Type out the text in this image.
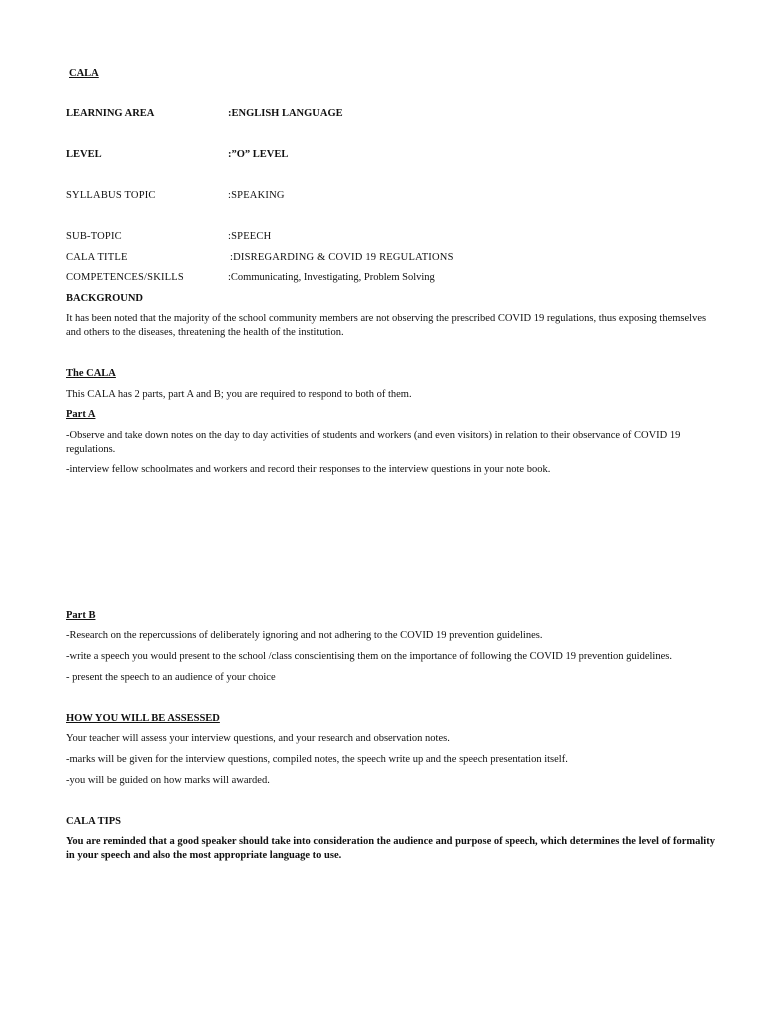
CALA
LEARNING AREA	:ENGLISH LANGUAGE
LEVEL	:”O” LEVEL
SYLLABUS TOPIC	:SPEAKING
SUB-TOPIC	:SPEECH
CALA TITLE	:DISREGARDING & COVID 19 REGULATIONS
COMPETENCES/SKILLS	:Communicating, Investigating, Problem Solving
BACKGROUND
It has been noted that the majority of the school community members are not observing the prescribed COVID 19 regulations, thus exposing themselves and others to the diseases, threatening the health of the institution.
The CALA
This CALA has 2 parts, part A and B; you are required to respond to both of them.
Part A
-Observe and take down notes on the day to day activities of students and workers (and even visitors) in relation to their observance of COVID 19 regulations.
-interview fellow schoolmates and workers and record their responses to the interview questions in your note book.
Part B
-Research on the repercussions of deliberately ignoring and not adhering to the COVID 19 prevention guidelines.
-write a speech you would present to the school /class conscientising them on the importance of following the COVID 19 prevention guidelines.
- present the speech to an audience of your choice
HOW YOU WILL BE ASSESSED
Your teacher will assess your interview questions, and your research and observation notes.
-marks will be given for the interview questions, compiled notes, the speech write up and the speech presentation itself.
-you will be guided on how marks will awarded.
CALA TIPS
You are reminded that a good speaker should take into consideration the audience and purpose of speech, which determines the level of formality in your speech and also the most appropriate language to use.
